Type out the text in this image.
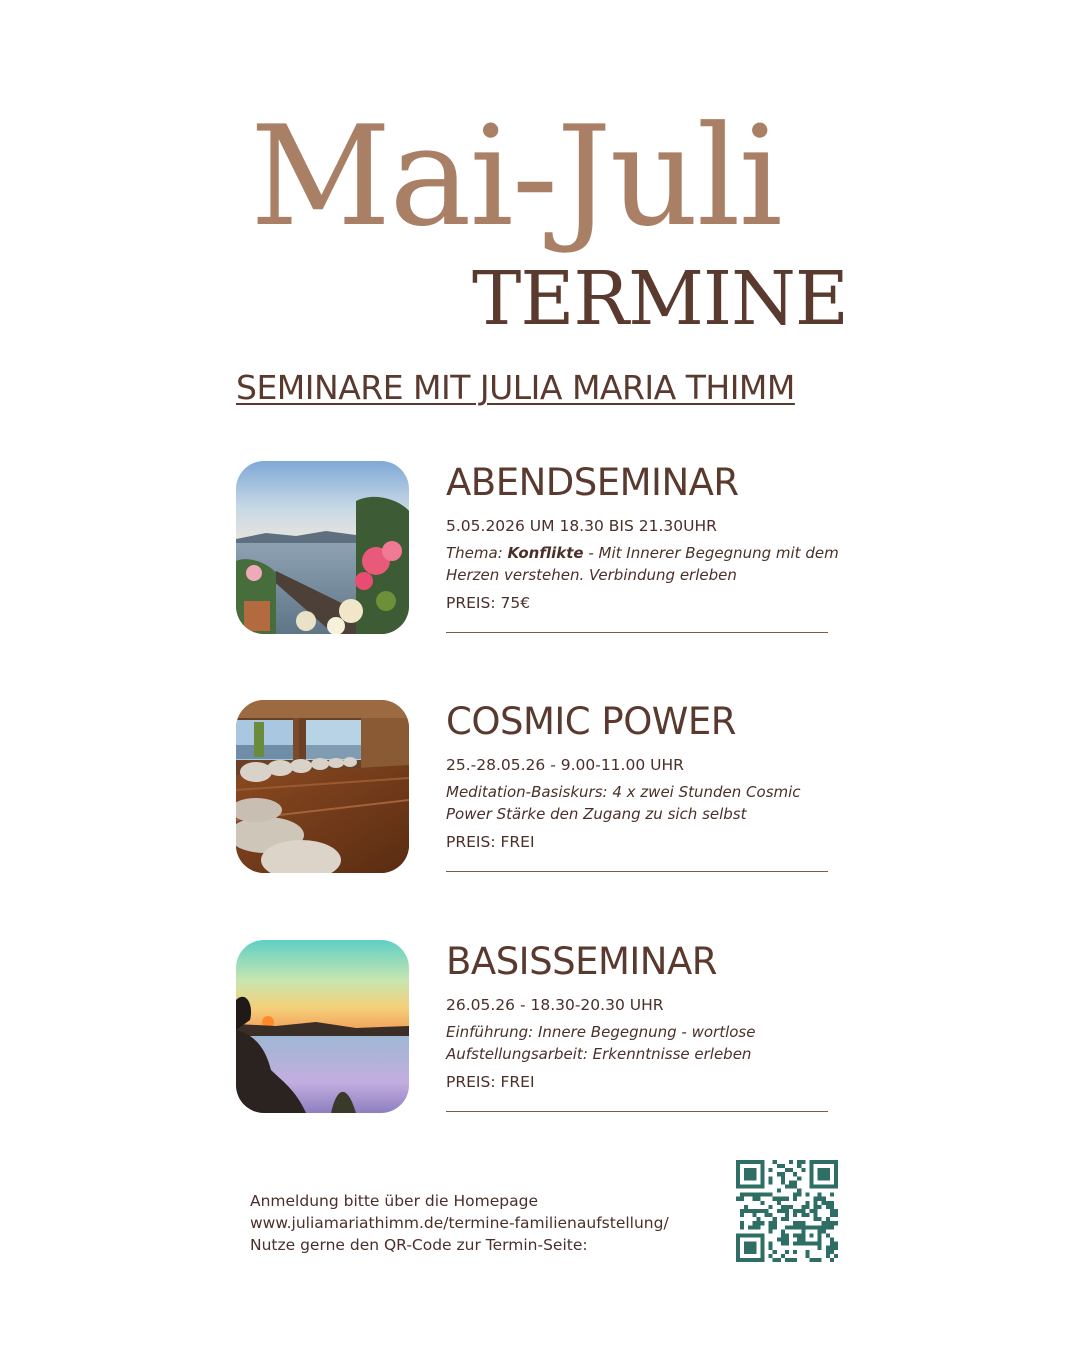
Mai-Juli
TERMINE
SEMINARE MIT JULIA MARIA THIMM
ABENDSEMINAR
5.05.2026 UM 18.30 BIS 21.30UHR
Thema: Konflikte - Mit Innerer Begegnung mit dem Herzen verstehen. Verbindung erleben
PREIS: 75€
COSMIC POWER
25.-28.05.26 - 9.00-11.00 UHR
Meditation-Basiskurs: 4 x zwei Stunden Cosmic Power Stärke den Zugang zu sich selbst
PREIS: FREI
BASISSEMINAR
26.05.26 - 18.30-20.30 UHR
Einführung: Innere Begegnung - wortlose Aufstellungsarbeit: Erkenntnisse erleben
PREIS: FREI
Anmeldung bitte über die Homepage
www.juliamariathimm.de/termine-familienaufstellung/
Nutze gerne den QR-Code zur Termin-Seite:
